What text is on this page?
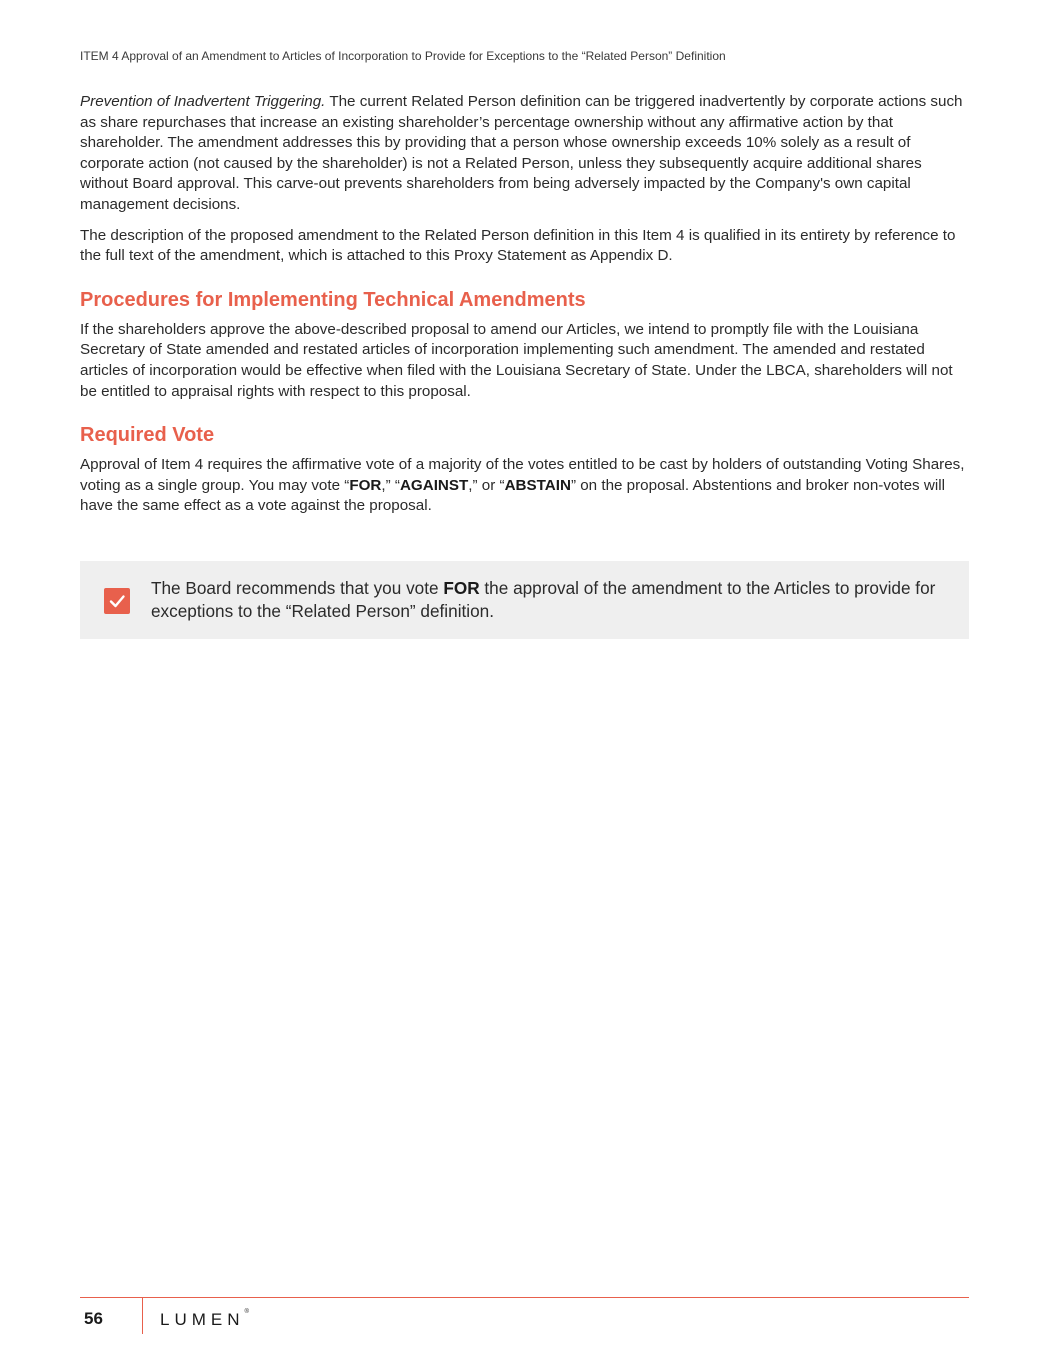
ITEM 4 Approval of an Amendment to Articles of Incorporation to Provide for Exceptions to the “Related Person” Definition

Prevention of Inadvertent Triggering. The current Related Person definition can be triggered inadvertently by corporate actions such as share repurchases that increase an existing shareholder’s percentage ownership without any affirmative action by that shareholder. The amendment addresses this by providing that a person whose ownership exceeds 10% solely as a result of corporate action (not caused by the shareholder) is not a Related Person, unless they subsequently acquire additional shares without Board approval. This carve-out prevents shareholders from being adversely impacted by the Company's own capital management decisions.

The description of the proposed amendment to the Related Person definition in this Item 4 is qualified in its entirety by reference to the full text of the amendment, which is attached to this Proxy Statement as Appendix D.

Procedures for Implementing Technical Amendments

If the shareholders approve the above-described proposal to amend our Articles, we intend to promptly file with the Louisiana Secretary of State amended and restated articles of incorporation implementing such amendment. The amended and restated articles of incorporation would be effective when filed with the Louisiana Secretary of State. Under the LBCA, shareholders will not be entitled to appraisal rights with respect to this proposal.

Required Vote

Approval of Item 4 requires the affirmative vote of a majority of the votes entitled to be cast by holders of outstanding Voting Shares, voting as a single group. You may vote “FOR,” “AGAINST,” or “ABSTAIN” on the proposal. Abstentions and broker non-votes will have the same effect as a vote against the proposal.

The Board recommends that you vote FOR the approval of the amendment to the Articles to provide for exceptions to the “Related Person” definition.
56	LUMEN®
